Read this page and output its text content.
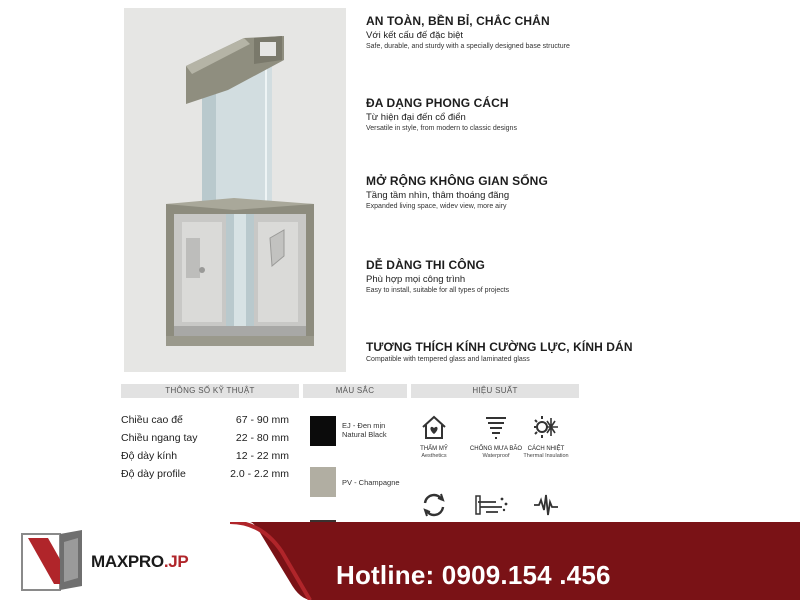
AN TOÀN, BỀN BỈ, CHẮC CHẮN
Với kết cấu đế đặc biệt
Safe, durable, and sturdy with a specially designed base structure
ĐA DẠNG PHONG CÁCH
Từ hiện đại đến cổ điển
Versatile in style, from modern to classic designs
MỞ RỘNG KHÔNG GIAN SỐNG
Tầng tầm nhìn, thâm thoáng đãng
Expanded living space, widev view, more airy
DỄ DÀNG THI CÔNG
Phù hợp mọi công trình
Easy to install, suitable for all types of projects
TƯƠNG THÍCH KÍNH CƯỜNG LỰC, KÍNH DÁN
Compatible with tempered glass and laminated glass
THÔNG SỐ KỸ THUẬT	MÀU SẮC	HIỆU SUẤT
Chiều cao đế	67 - 90 mm
Chiều ngang tay	22 - 80 mm
Độ dày kính	12 - 22 mm
Độ dày profile	2.0 - 2.2 mm
EJ - Đen mịn
Natural Black
PV - Champagne
THẨM MỸ
Aesthetics
CHỐNG MƯA BÃO
Waterproof
CÁCH NHIỆT
Thermal Insulation
MAXPRO.JP	Hotline: 0909.154 .456
